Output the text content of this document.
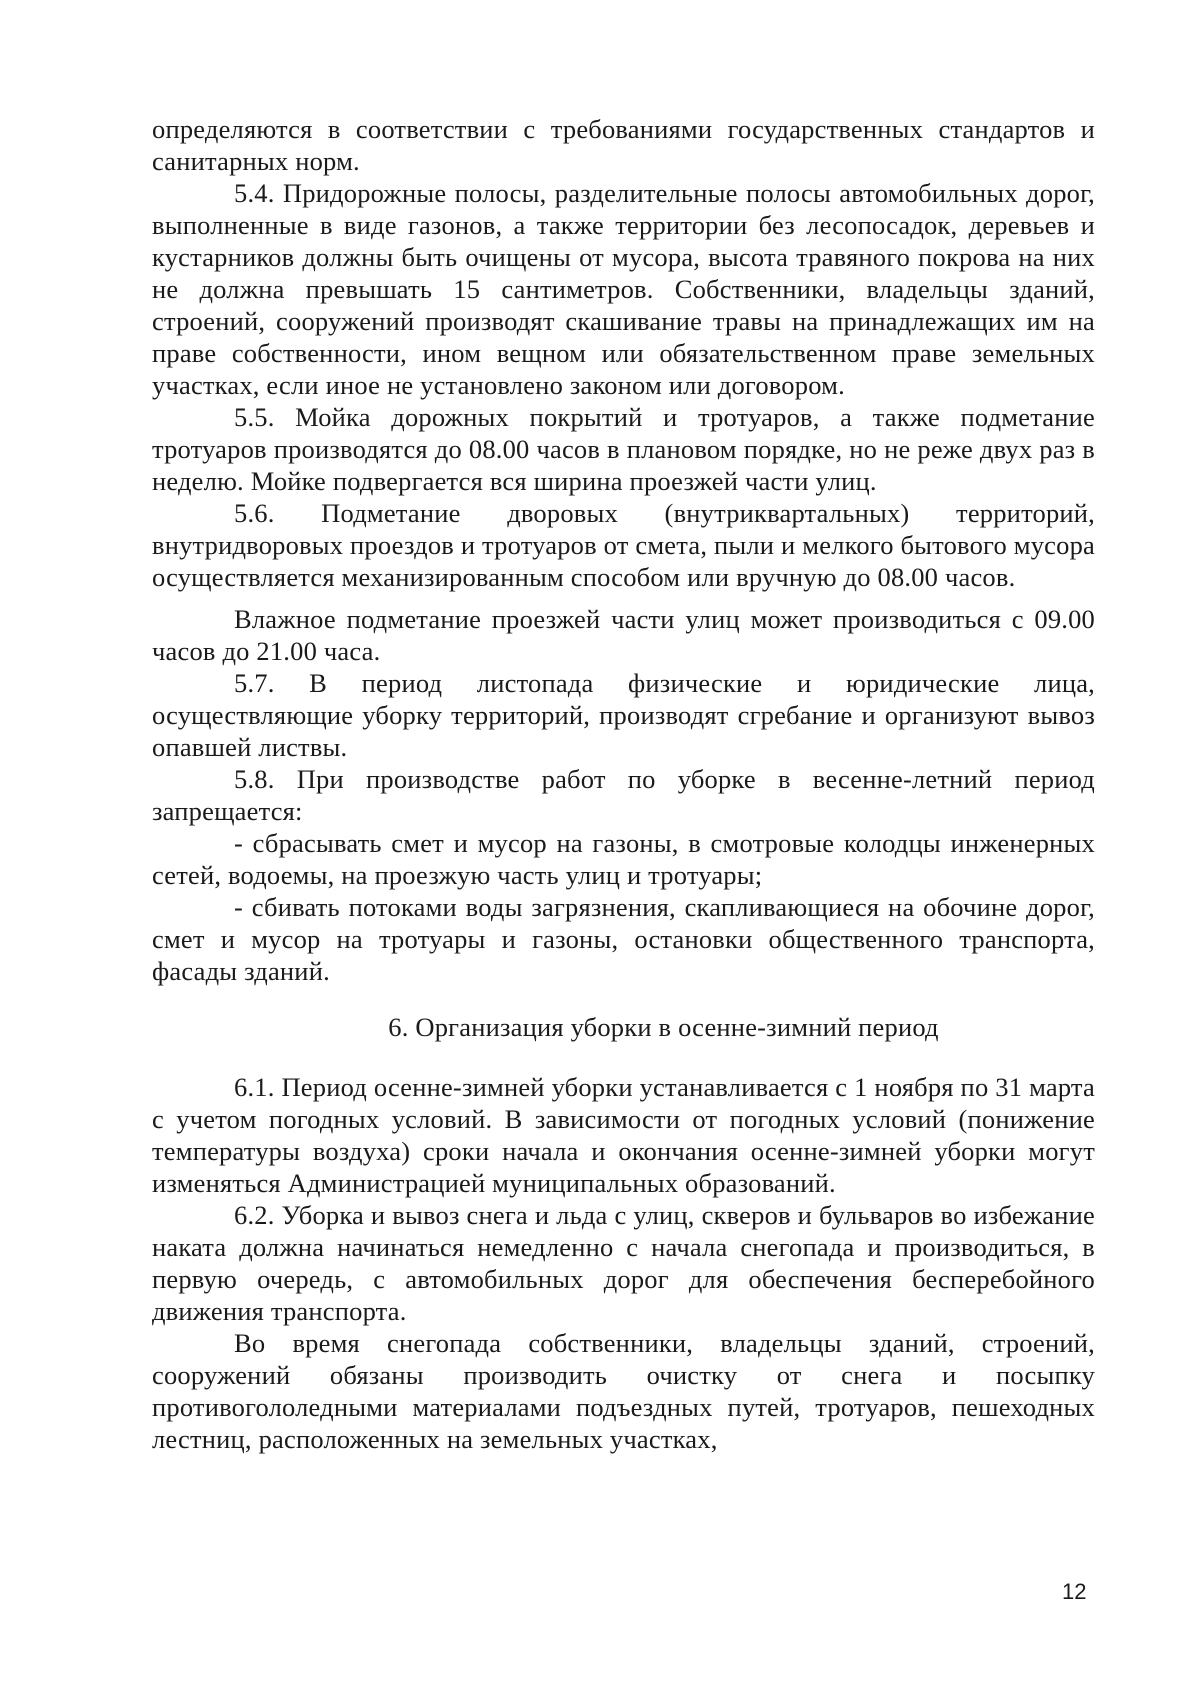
определяются в соответствии с требованиями государственных стандартов и санитарных норм.

5.4. Придорожные полосы, разделительные полосы автомобильных дорог, выполненные в виде газонов, а также территории без лесопосадок, деревьев и кустарников должны быть очищены от мусора, высота травяного покрова на них не должна превышать 15 сантиметров. Собственники, владельцы зданий, строений, сооружений производят скашивание травы на принадлежащих им на праве собственности, ином вещном или обязательственном праве земельных участках, если иное не установлено законом или договором.

5.5. Мойка дорожных покрытий и тротуаров, а также подметание тротуаров производятся до 08.00 часов в плановом порядке, но не реже двух раз в неделю. Мойке подвергается вся ширина проезжей части улиц.

5.6. Подметание дворовых (внутриквартальных) территорий, внутридворовых проездов и тротуаров от смета, пыли и мелкого бытового мусора осуществляется механизированным способом или вручную до 08.00 часов.

Влажное подметание проезжей части улиц может производиться с 09.00 часов до 21.00 часа.

5.7. В период листопада физические и юридические лица, осуществляющие уборку территорий, производят сгребание и организуют вывоз опавшей листвы.

5.8. При производстве работ по уборке в весенне-летний период запрещается:

- сбрасывать смет и мусор на газоны, в смотровые колодцы инженерных сетей, водоемы, на проезжую часть улиц и тротуары;

- сбивать потоками воды загрязнения, скапливающиеся на обочине дорог, смет и мусор на тротуары и газоны, остановки общественного транспорта, фасады зданий.

6. Организация уборки в осенне-зимний период

6.1. Период осенне-зимней уборки устанавливается с 1 ноября по 31 марта с учетом погодных условий. В зависимости от погодных условий (понижение температуры воздуха) сроки начала и окончания осенне-зимней уборки могут изменяться Администрацией муниципальных образований.

6.2. Уборка и вывоз снега и льда с улиц, скверов и бульваров во избежание наката должна начинаться немедленно с начала снегопада и производиться, в первую очередь, с автомобильных дорог для обеспечения бесперебойного движения транспорта.

Во время снегопада собственники, владельцы зданий, строений, сооружений обязаны производить очистку от снега и посыпку противогололедными материалами подъездных путей, тротуаров, пешеходных лестниц, расположенных на земельных участках,

12
